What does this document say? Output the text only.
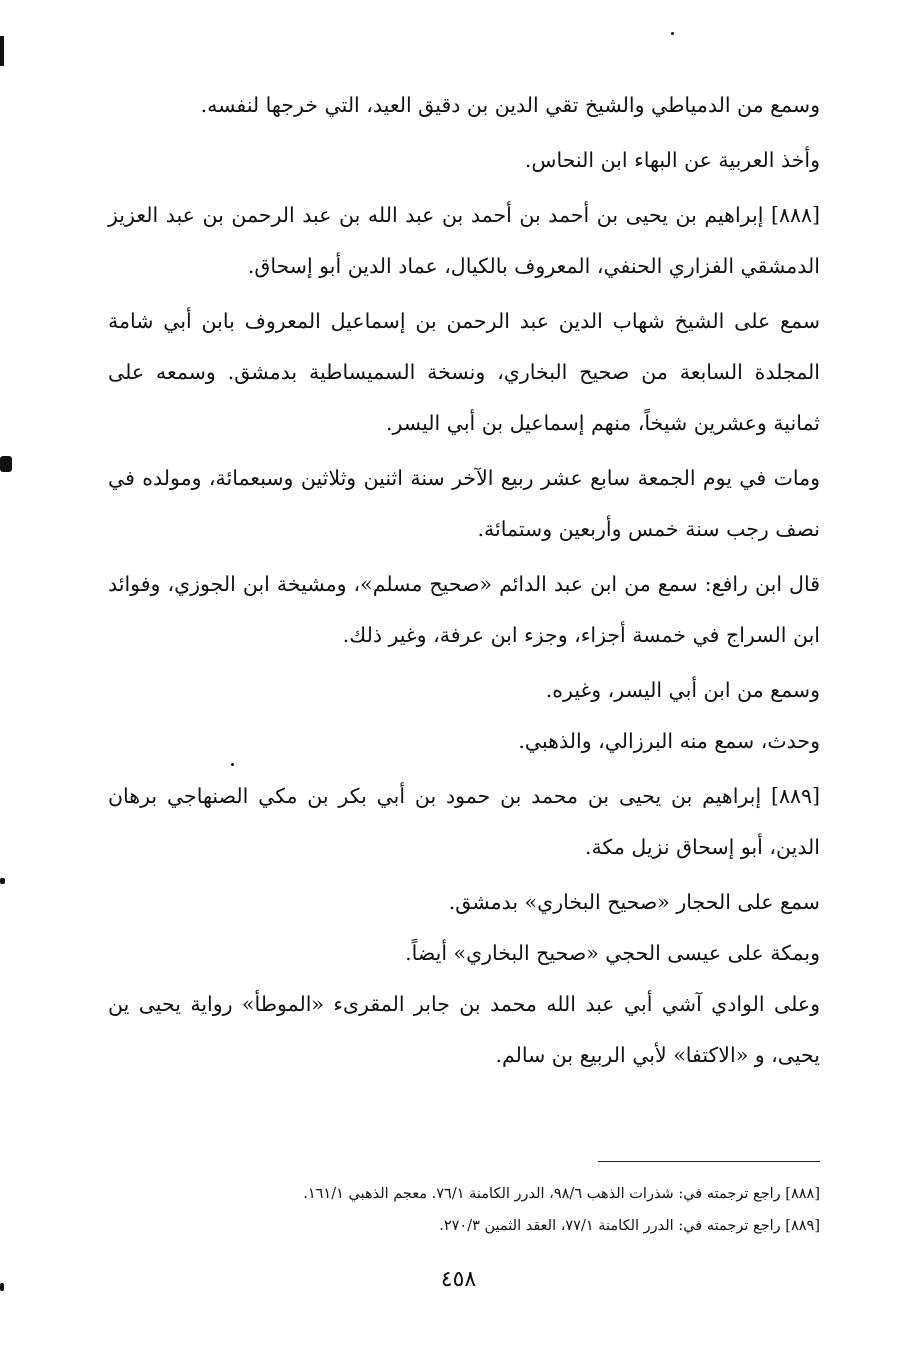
وسمع من الدمياطي والشيخ تقي الدين بن دقيق العيد، التي خرجها لنفسه.

وأخذ العربية عن البهاء ابن النحاس.

[٨٨٨] إبراهيم بن يحيى بن أحمد بن أحمد بن عبد الله بن عبد الرحمن بن عبد العزيز الدمشقي الفزاري الحنفي، المعروف بالكيال، عماد الدين أبو إسحاق.

سمع على الشيخ شهاب الدين عبد الرحمن بن إسماعيل المعروف بابن أبي شامة المجلدة السابعة من صحيح البخاري، ونسخة السميساطية بدمشق. وسمعه على ثمانية وعشرين شيخاً، منهم إسماعيل بن أبي اليسر.

ومات في يوم الجمعة سابع عشر ربيع الآخر سنة اثنين وثلاثين وسبعمائة، ومولده في نصف رجب سنة خمس وأربعين وستمائة.

قال ابن رافع: سمع من ابن عبد الدائم «صحيح مسلم»، ومشيخة ابن الجوزي، وفوائد ابن السراج في خمسة أجزاء، وجزء ابن عرفة، وغير ذلك.

وسمع من ابن أبي اليسر، وغيره.

وحدث، سمع منه البرزالي، والذهبي.

[٨٨٩] إبراهيم بن يحيى بن محمد بن حمود بن أبي بكر بن مكي الصنهاجي برهان الدين، أبو إسحاق نزيل مكة.

سمع على الحجار «صحيح البخاري» بدمشق.

وبمكة على عيسى الحجي «صحيح البخاري» أيضاً.

وعلى الوادي آشي أبي عبد الله محمد بن جابر المقرىء «الموطأ» رواية يحيى ين يحيى، و «الاكتفا» لأبي الربيع بن سالم.

[٨٨٨] راجع ترجمته في: شذرات الذهب ٩٨/٦، الدرر الكامنة ٧٦/١. معجم الذهبي ١٦١/١.
[٨٨٩] راجع ترجمته في: الدرر الكامنة ٧٧/١، العقد الثمين ٢٧٠/٣.
٤٥٨
